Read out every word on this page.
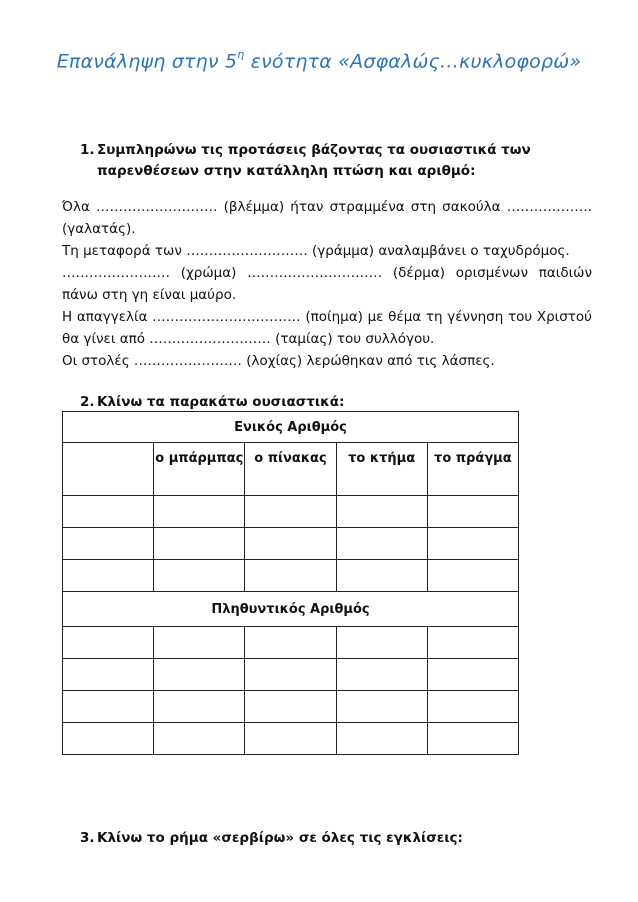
Επανάληψη στην $5^\eta$ ενότητα «Ασφαλώς…κυκλοφορώ»
1. Συμπληρώνω τις προτάσεις βάζοντας τα ουσιαστικά των παρενθέσεων στην κατάλληλη πτώση και αριθμό:

Όλα ……………………… (βλέμμα) ήταν στραμμένα στη σακούλα ………………. (γαλατάς).

Τη μεταφορά των ……………………… (γράμμα) αναλαμβάνει ο ταχυδρόμος.

…………………… (χρώμα) ………………………… (δέρμα) ορισμένων παιδιών πάνω στη γη είναι μαύρο.

Η απαγγελία …………………………… (ποίημα) με θέμα τη γέννηση του Χριστού θα γίνει από ……………………… (ταμίας) του συλλόγου.

Οι στολές …………………… (λοχίας) λερώθηκαν από τις λάσπες.

2. Κλίνω τα παρακάτω ουσιαστικά:
Ενικός Αριθμός				
	ο μπάρμπας	ο πίνακας	το κτήμα	το πράγμα

Πληθυντικός Αριθμός				

3. Κλίνω το ρήμα «σερβίρω» σε όλες τις εγκλίσεις:
